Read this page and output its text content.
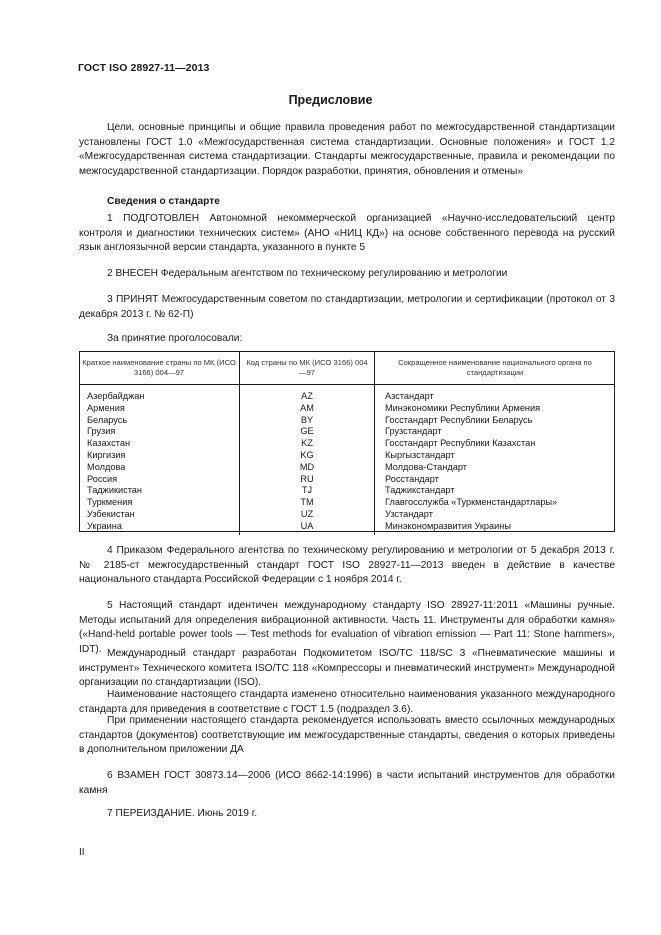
ГОСТ ISO 28927-11—2013
Предисловие
Цели, основные принципы и общие правила проведения работ по межгосударственной стандартизации установлены ГОСТ 1.0 «Межгосударственная система стандартизации. Основные положения» и ГОСТ 1.2 «Межгосударственная система стандартизации. Стандарты межгосударственные, правила и рекомендации по межгосударственной стандартизации. Порядок разработки, принятия, обновления и отмены»
Сведения о стандарте
1 ПОДГОТОВЛЕН Автономной некоммерческой организацией «Научно-исследовательский центр контроля и диагностики технических систем» (АНО «НИЦ КД») на основе собственного перевода на русский язык англоязычной версии стандарта, указанного в пункте 5
2 ВНЕСЕН Федеральным агентством по техническому регулированию и метрологии
3 ПРИНЯТ Межгосударственным советом по стандартизации, метрологии и сертификации (протокол от 3 декабря 2013 г. № 62-П)
За принятие проголосовали:
Краткое наименование страны по МК (ИСО 3166) 004—97	Код страны по МК (ИСО 3166) 004—97	Сокращенное наименование национального органа по стандартизации
Азербайджан	AZ	Азстандарт
Армения	AM	Минэкономики Республики Армения
Беларусь	BY	Госстандарт Республики Беларусь
Грузия	GE	Грузстандарт
Казахстан	KZ	Госстандарт Республики Казахстан
Киргизия	KG	Кыргызстандарт
Молдова	MD	Молдова-Стандарт
Россия	RU	Росстандарт
Таджикистан	TJ	Таджикстандарт
Туркмения	TM	Главгосслужба «Туркменстандартлары»
Узбекистан	UZ	Узстандарт
Украина	UA	Минэкономразвития Украины
4 Приказом Федерального агентства по техническому регулированию и метрологии от 5 декабря 2013 г. № 2185-ст межгосударственный стандарт ГОСТ ISO 28927-11—2013 введен в действие в качестве национального стандарта Российской Федерации с 1 ноября 2014 г.
5 Настоящий стандарт идентичен международному стандарту ISO 28927-11:2011 «Машины ручные. Методы испытаний для определения вибрационной активности. Часть 11. Инструменты для обработки камня» («Hand-held portable power tools — Test methods for evaluation of vibration emission — Part 11: Stone hammers», IDT). Международный стандарт разработан Подкомитетом ISO/TC 118/SC 3 «Пневматические машины и инструмент» Технического комитета ISO/TC 118 «Компрессоры и пневматический инструмент» Международной организации по стандартизации (ISO).
Наименование настоящего стандарта изменено относительно наименования указанного международного стандарта для приведения в соответствие с ГОСТ 1.5 (подраздел 3.6).
При применении настоящего стандарта рекомендуется использовать вместо ссылочных международных стандартов (документов) соответствующие им межгосударственные стандарты, сведения о которых приведены в дополнительном приложении ДА
6 ВЗАМЕН ГОСТ 30873.14—2006 (ИСО 8662-14:1996) в части испытаний инструментов для обработки камня
7 ПЕРЕИЗДАНИЕ. Июнь 2019 г.
II
